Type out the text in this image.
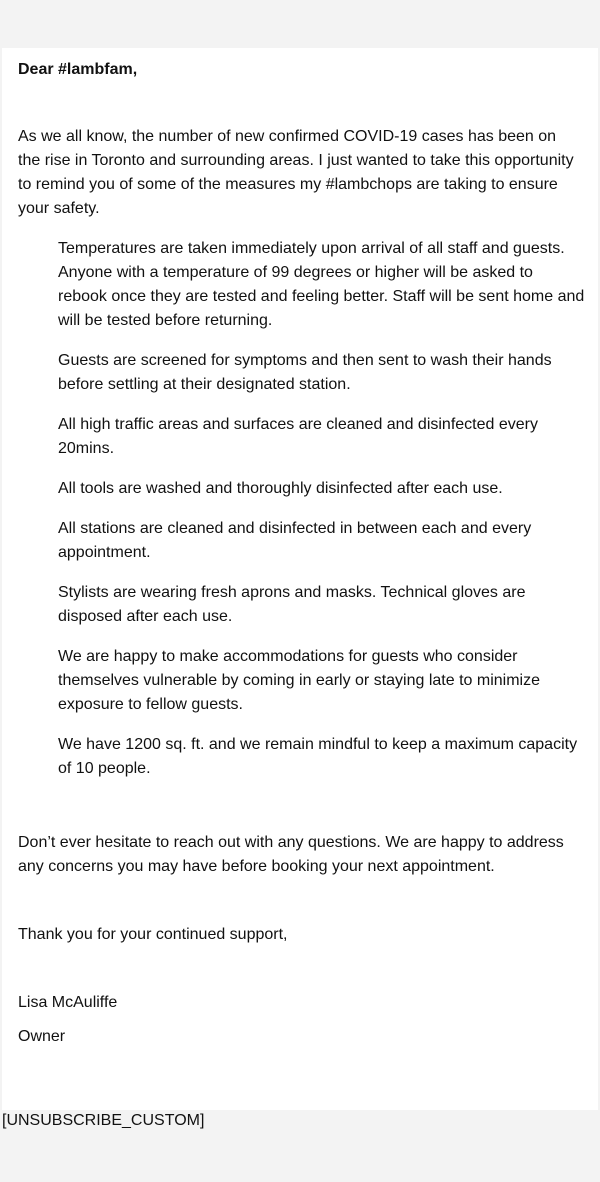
Dear #lambfam,

As we all know, the number of new confirmed COVID-19 cases has been on the rise in Toronto and surrounding areas. I just wanted to take this opportunity to remind you of some of the measures my #lambchops are taking to ensure your safety.

Temperatures are taken immediately upon arrival of all staff and guests. Anyone with a temperature of 99 degrees or higher will be asked to rebook once they are tested and feeling better. Staff will be sent home and will be tested before returning.
Guests are screened for symptoms and then sent to wash their hands before settling at their designated station.
All high traffic areas and surfaces are cleaned and disinfected every 20mins.
All tools are washed and thoroughly disinfected after each use.
All stations are cleaned and disinfected in between each and every appointment.
Stylists are wearing fresh aprons and masks. Technical gloves are disposed after each use.
We are happy to make accommodations for guests who consider themselves vulnerable by coming in early or staying late to minimize exposure to fellow guests.
We have 1200 sq. ft. and we remain mindful to keep a maximum capacity of 10 people.

Don’t ever hesitate to reach out with any questions. We are happy to address any concerns you may have before booking your next appointment.

Thank you for your continued support,

Lisa McAuliffe

Owner

[UNSUBSCRIBE_CUSTOM]
